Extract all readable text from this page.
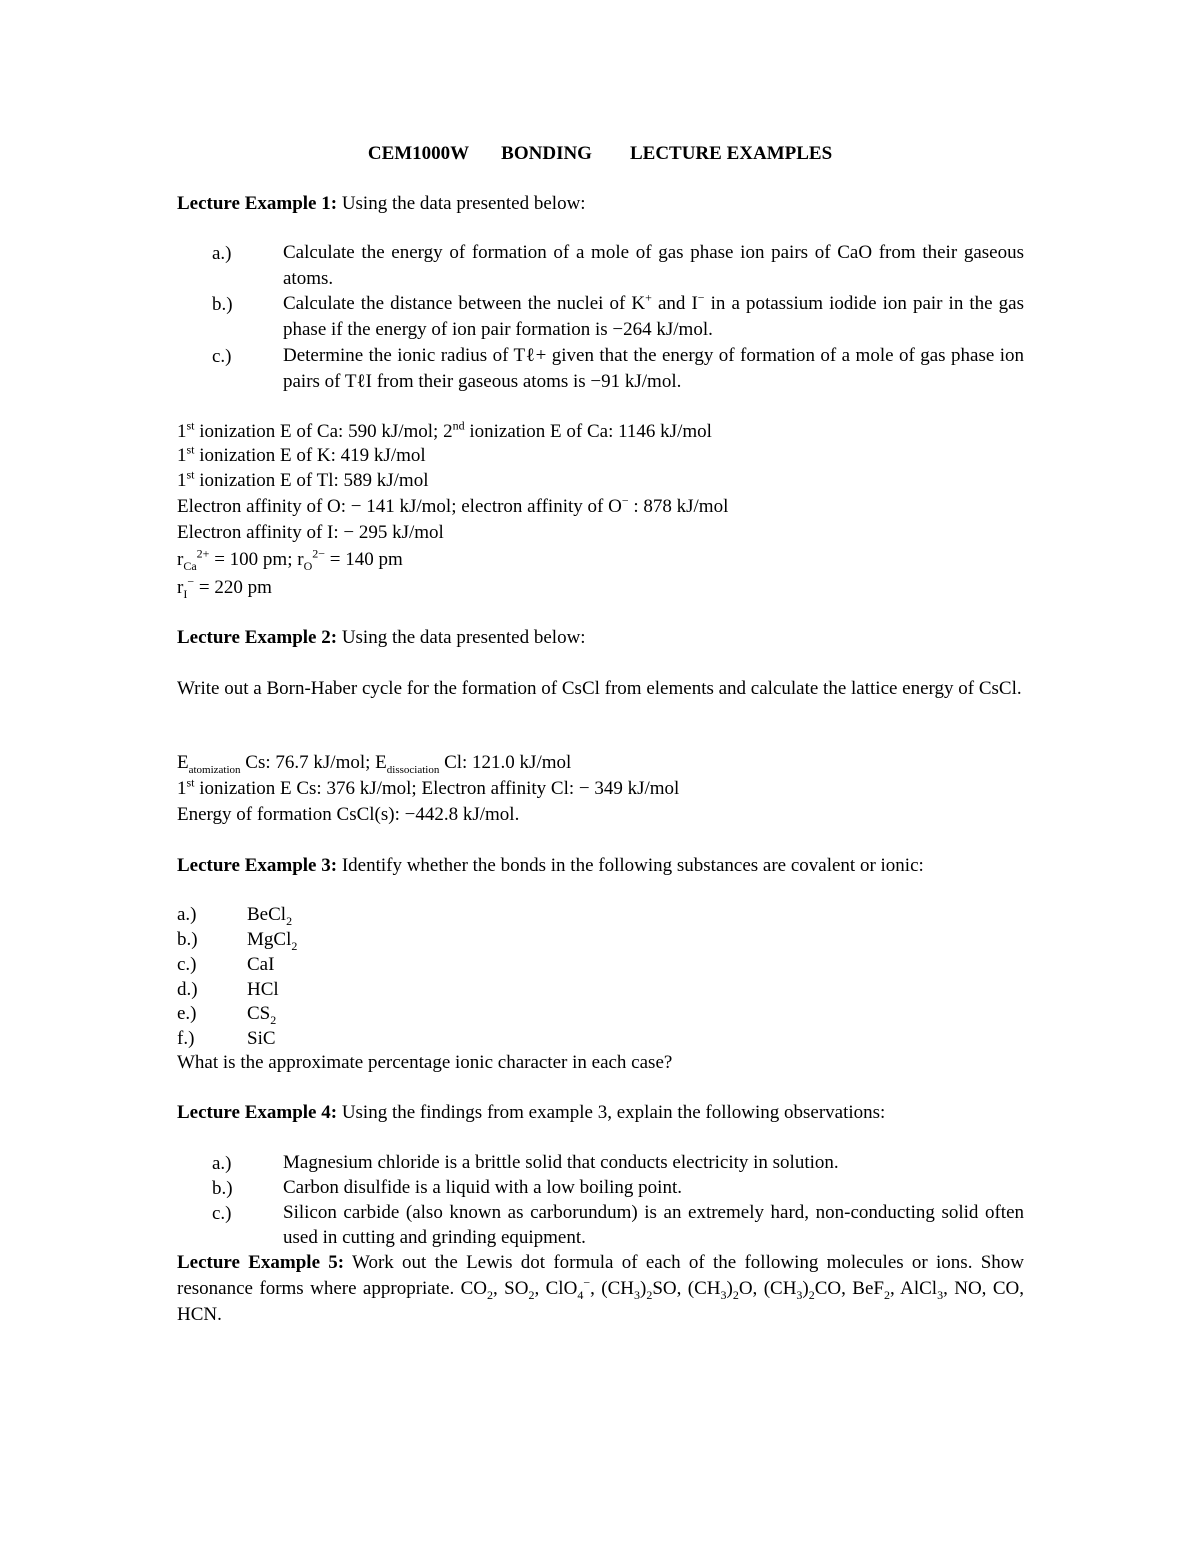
CEM1000W BONDING LECTURE EXAMPLES
Lecture Example 1: Using the data presented below:
a.)	Calculate the energy of formation of a mole of gas phase ion pairs of CaO from their gaseous atoms.
b.)	Calculate the distance between the nuclei of K+ and I− in a potassium iodide ion pair in the gas phase if the energy of ion pair formation is −264 kJ/mol.
c.)	Determine the ionic radius of Tℓ+ given that the energy of formation of a mole of gas phase ion pairs of TℓI from their gaseous atoms is −91 kJ/mol.
1st ionization E of Ca: 590 kJ/mol; 2nd ionization E of Ca: 1146 kJ/mol
1st ionization E of K: 419 kJ/mol
1st ionization E of Tl: 589 kJ/mol
Electron affinity of O: − 141 kJ/mol; electron affinity of O− : 878 kJ/mol
Electron affinity of I: − 295 kJ/mol
$r_{Ca}^{2+} = 100$ pm; $r_O^{2-} = 140$ pm
$r_I^- = 220$ pm
Lecture Example 2: Using the data presented below:
Write out a Born-Haber cycle for the formation of CsCl from elements and calculate the lattice energy of CsCl.
$E_{atomization}$ Cs: 76.7 kJ/mol; $E_{dissociation}$ Cl: 121.0 kJ/mol
1st ionization E Cs: 376 kJ/mol; Electron affinity Cl: − 349 kJ/mol
Energy of formation CsCl(s): −442.8 kJ/mol.
Lecture Example 3: Identify whether the bonds in the following substances are covalent or ionic:
a.)	BeCl$_2$
b.)	MgCl$_2$
c.)	CaI
d.)	HCl
e.)	$CS_2$
f.)	SiC
What is the approximate percentage ionic character in each case?
Lecture Example 4: Using the findings from example 3, explain the following observations:
a.)	Magnesium chloride is a brittle solid that conducts electricity in solution.
b.)	Carbon disulfide is a liquid with a low boiling point.
c.)	Silicon carbide (also known as carborundum) is an extremely hard, non-conducting solid often used in cutting and grinding equipment.
Lecture Example 5: Work out the Lewis dot formula of each of the following molecules or ions. Show resonance forms where appropriate. $CO_2$, $SO_2$, ClO$_4$−, $(CH_3)_2SO$, $(CH_3)_2O$, $(CH_3)_2CO$, BeF$_2$, AlCl$_3$, NO, CO, HCN.
